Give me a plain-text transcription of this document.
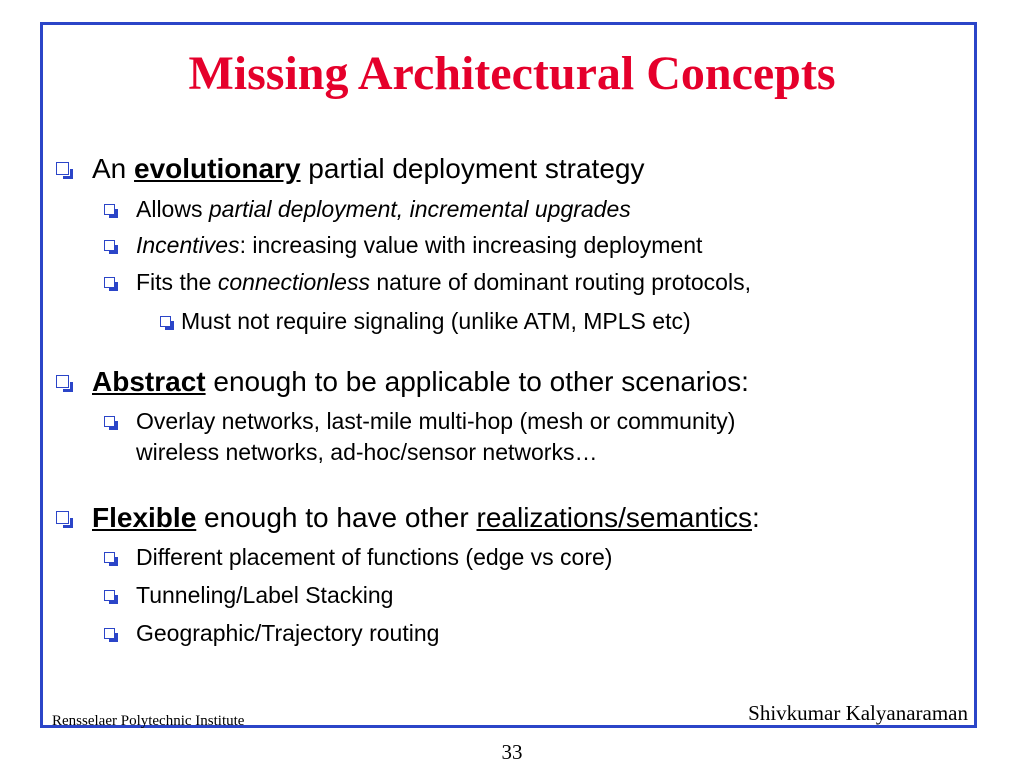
Missing Architectural Concepts
An evolutionary partial deployment strategy
Allows partial deployment, incremental upgrades
Incentives: increasing value with increasing deployment
Fits the connectionless nature of dominant routing protocols,
Must not require signaling (unlike ATM, MPLS etc)
Abstract enough to be applicable to other scenarios:
Overlay networks, last-mile multi-hop (mesh or community)
wireless networks, ad-hoc/sensor networks…
Flexible enough to have other realizations/semantics:
Different placement of functions (edge vs core)
Tunneling/Label Stacking
Geographic/Trajectory routing
Rensselaer Polytechnic Institute	Shivkumar Kalyanaraman
33
